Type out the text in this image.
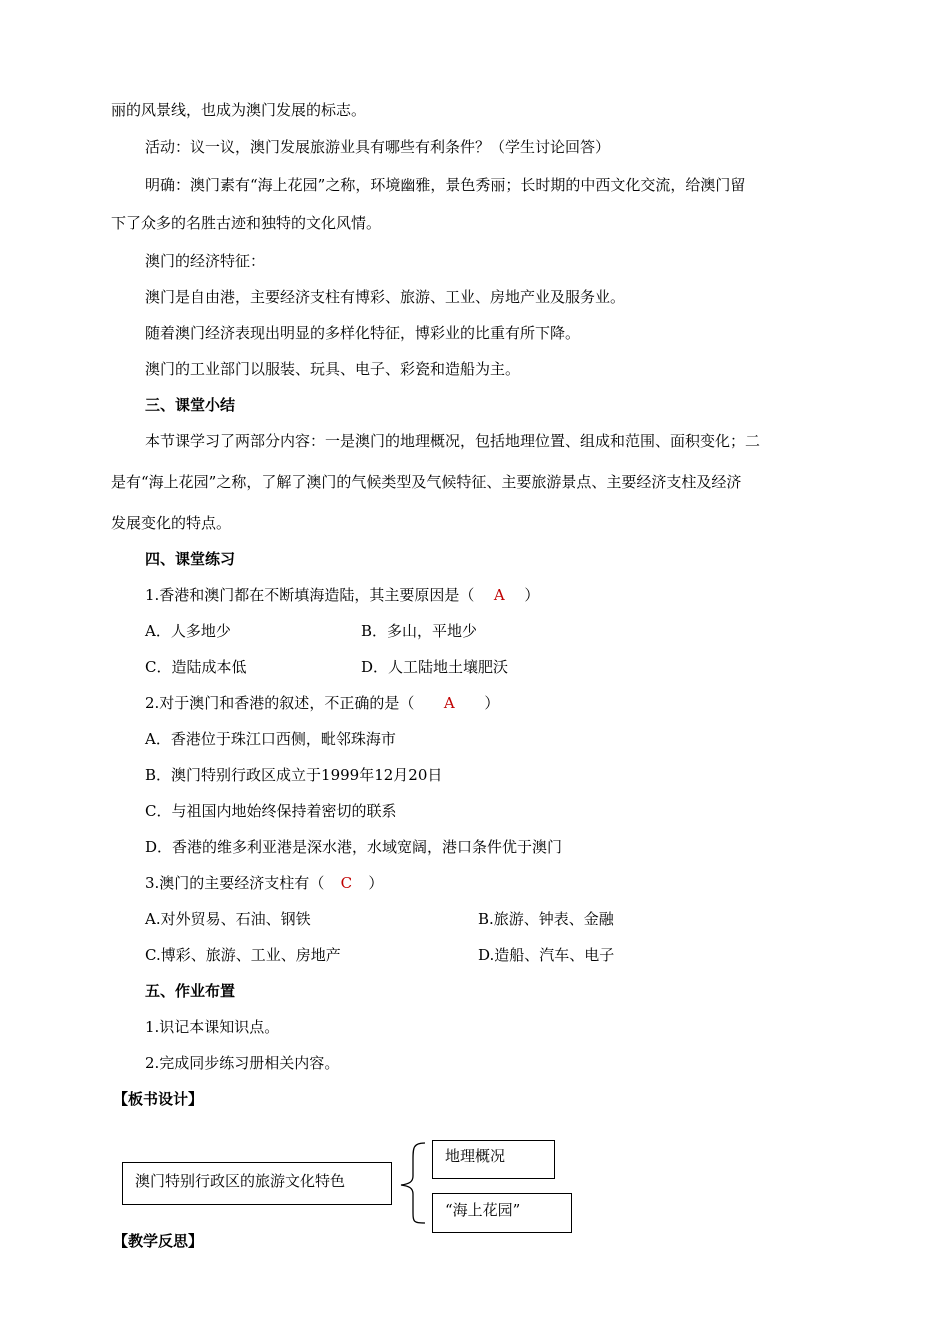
丽的风景线，也成为澳门发展的标志。
活动：议一议，澳门发展旅游业具有哪些有利条件？（学生讨论回答）
明确：澳门素有“海上花园”之称，环境幽雅，景色秀丽；长时期的中西文化交流，给澳门留
下了众多的名胜古迹和独特的文化风情。
澳门的经济特征：
澳门是自由港，主要经济支柱有博彩、旅游、工业、房地产业及服务业。
随着澳门经济表现出明显的多样化特征，博彩业的比重有所下降。
澳门的工业部门以服装、玩具、电子、彩瓷和造船为主。
三、课堂小结
本节课学习了两部分内容：一是澳门的地理概况，包括地理位置、组成和范围、面积变化；二
是有“海上花园”之称，了解了澳门的气候类型及气候特征、主要旅游景点、主要经济支柱及经济
发展变化的特点。
四、课堂练习
1.香港和澳门都在不断填海造陆，其主要原因是（ A ）
A．人多地少	B．多山，平地少
C．造陆成本低	D．人工陆地土壤肥沃
2.对于澳门和香港的叙述，不正确的是（ A ）
A．香港位于珠江口西侧，毗邻珠海市
B．澳门特别行政区成立于1999年12月20日
C．与祖国内地始终保持着密切的联系
D．香港的维多利亚港是深水港，水域宽阔，港口条件优于澳门
3.澳门的主要经济支柱有（ C ）
A.对外贸易、石油、钢铁	B.旅游、钟表、金融
C.博彩、旅游、工业、房地产	D.造船、汽车、电子
五、作业布置
1.识记本课知识点。
2.完成同步练习册相关内容。
【板书设计】
澳门特别行政区的旅游文化特色
地理概况
“海上花园”
【教学反思】
